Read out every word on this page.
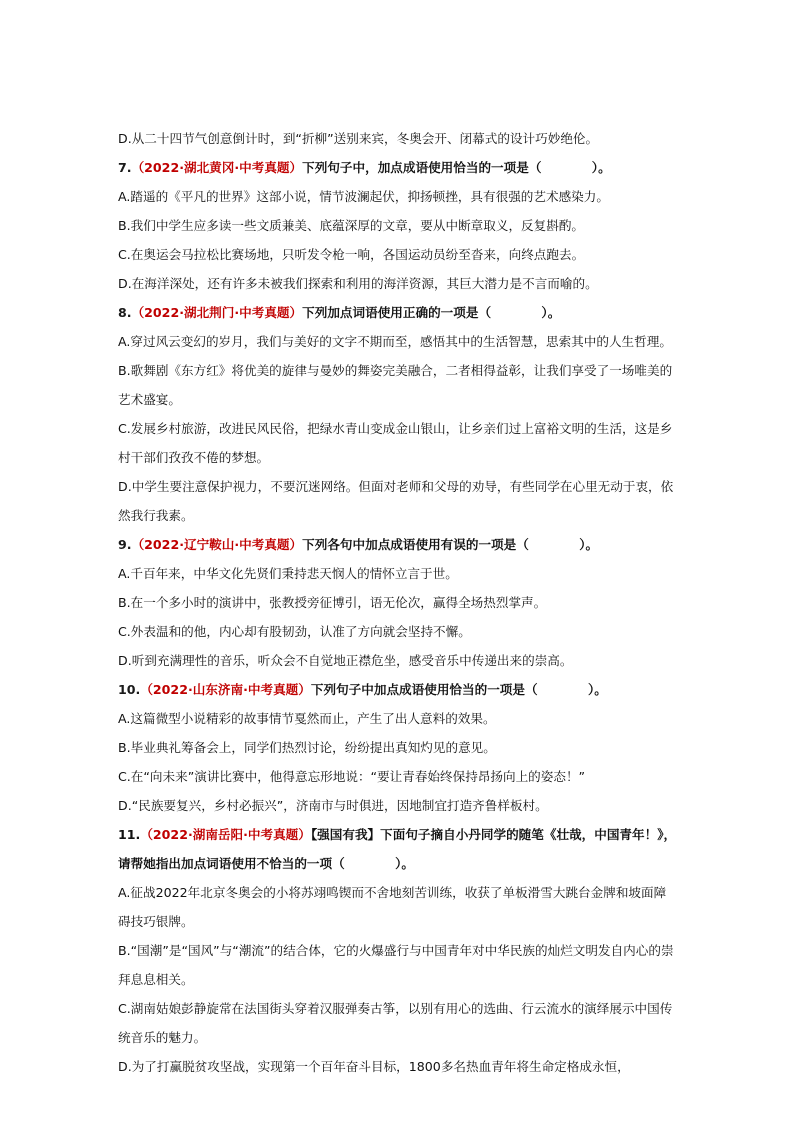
D.从二十四节气创意倒计时，到“折柳”送别来宾，冬奥会开、闭幕式的设计巧妙绝伦。
7.（2022·湖北黄冈·中考真题）下列句子中，加点成语使用恰当的一项是（　　　　）。
A.踏遥的《平凡的世界》这部小说，情节波澜起伏，抑扬顿挫，具有很强的艺术感染力。
B.我们中学生应多读一些文质兼美、底蕴深厚的文章，要从中断章取义，反复斟酌。
C.在奥运会马拉松比赛场地，只听发令枪一响，各国运动员纷至沓来，向终点跑去。
D.在海洋深处，还有许多未被我们探索和利用的海洋资源，其巨大潜力是不言而喻的。
8.（2022·湖北荆门·中考真题）下列加点词语使用正确的一项是（　　　　）。
A.穿过风云变幻的岁月，我们与美好的文字不期而至，感悟其中的生活智慧，思索其中的人生哲理。
B.歌舞剧《东方红》将优美的旋律与曼妙的舞姿完美融合，二者相得益彰，让我们享受了一场唯美的艺术盛宴。
C.发展乡村旅游，改进民风民俗，把绿水青山变成金山银山，让乡亲们过上富裕文明的生活，这是乡村干部们孜孜不倦的梦想。
D.中学生要注意保护视力，不要沉迷网络。但面对老师和父母的劝导，有些同学在心里无动于衷，依然我行我素。
9.（2022·辽宁鞍山·中考真题）下列各句中加点成语使用有误的一项是（　　　　）。
A.千百年来，中华文化先贤们秉持悲天悯人的情怀立言于世。
B.在一个多小时的演讲中，张教授旁征博引，语无伦次，赢得全场热烈掌声。
C.外表温和的他，内心却有股韧劲，认准了方向就会坚持不懈。
D.听到充满理性的音乐，听众会不自觉地正襟危坐，感受音乐中传递出来的崇高。
10.（2022·山东济南·中考真题）下列句子中加点成语使用恰当的一项是（　　　　）。
A.这篇微型小说精彩的故事情节戛然而止，产生了出人意料的效果。
B.毕业典礼筹备会上，同学们热烈讨论，纷纷提出真知灼见的意见。
C.在“向未来”演讲比赛中，他得意忘形地说：“要让青春始终保持昂扬向上的姿态！”
D.“民族要复兴，乡村必振兴”，济南市与时俱进，因地制宜打造齐鲁样板村。
11.（2022·湖南岳阳·中考真题）【强国有我】下面句子摘自小丹同学的随笔《壮哉，中国青年！》，请帮她指出加点词语使用不恰当的一项（　　　　）。
A.征战2022年北京冬奥会的小将苏翊鸣锲而不舍地刻苦训练，收获了单板滑雪大跳台金牌和坡面障碍技巧银牌。
B.“国潮”是“国风”与“潮流”的结合体，它的火爆盛行与中国青年对中华民族的灿烂文明发自内心的崇拜息息相关。
C.湖南姑娘彭静旋常在法国街头穿着汉服弹奏古筝，以别有用心的选曲、行云流水的演绎展示中国传统音乐的魅力。
D.为了打赢脱贫攻坚战，实现第一个百年奋斗目标，1800多名热血青年将生命定格成永恒，
